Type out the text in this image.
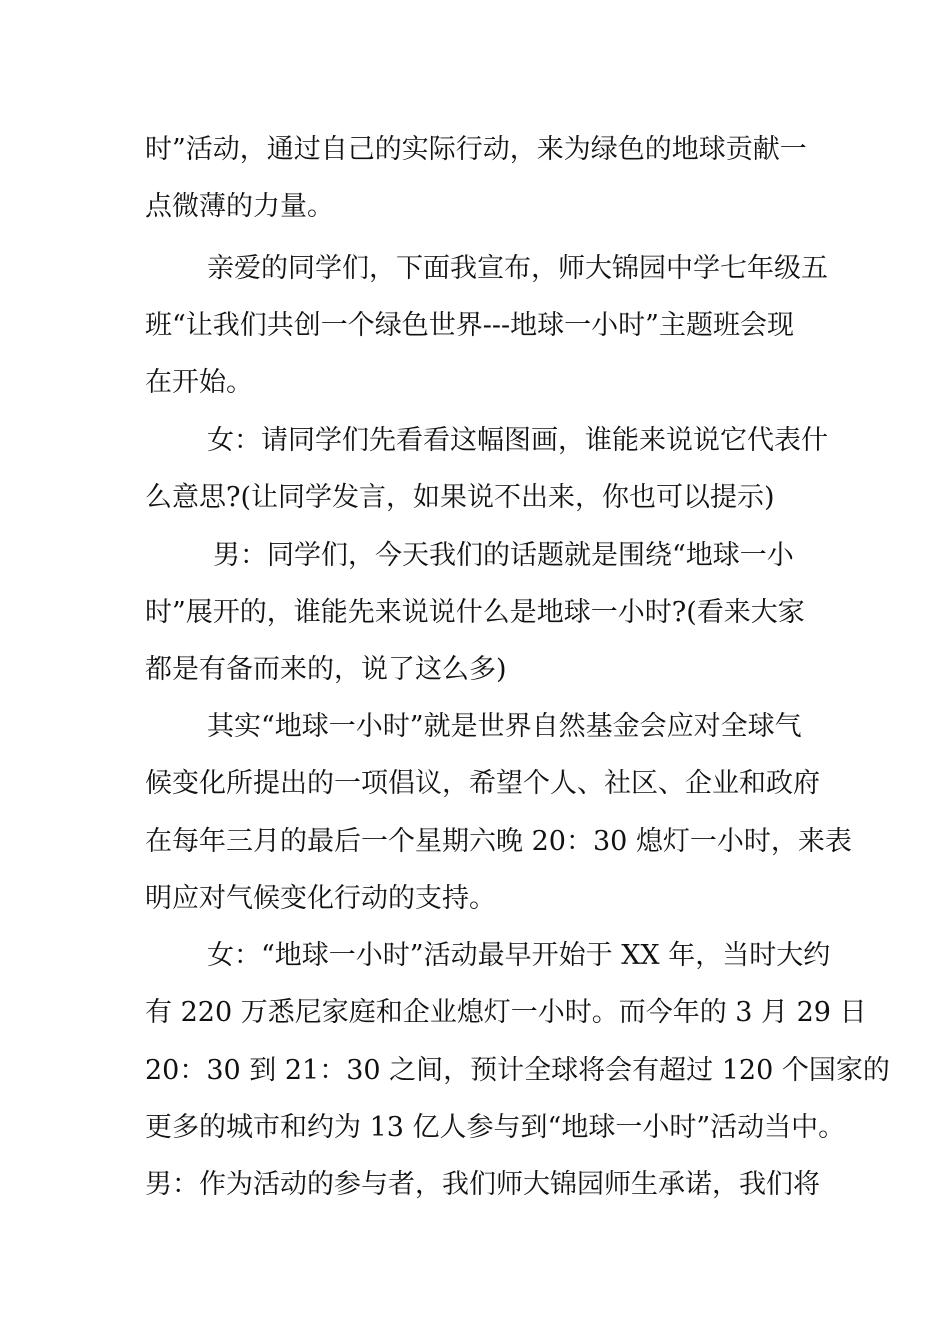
时”活动，通过自己的实际行动，来为绿色的地球贡献一
点微薄的力量。
亲爱的同学们，下面我宣布，师大锦园中学七年级五
班“让我们共创一个绿色世界---地球一小时”主题班会现
在开始。
女：请同学们先看看这幅图画，谁能来说说它代表什
么意思?(让同学发言，如果说不出来，你也可以提示)
男：同学们，今天我们的话题就是围绕“地球一小
时”展开的，谁能先来说说什么是地球一小时?(看来大家
都是有备而来的，说了这么多)
其实“地球一小时”就是世界自然基金会应对全球气
候变化所提出的一项倡议，希望个人、社区、企业和政府
在每年三月的最后一个星期六晚 20：30 熄灯一小时，来表
明应对气候变化行动的支持。
女：“地球一小时”活动最早开始于 XX 年，当时大约
有 220 万悉尼家庭和企业熄灯一小时。而今年的 3 月 29 日
20：30 到 21：30 之间，预计全球将会有超过 120 个国家的
更多的城市和约为 13 亿人参与到“地球一小时”活动当中。
男：作为活动的参与者，我们师大锦园师生承诺，我们将
